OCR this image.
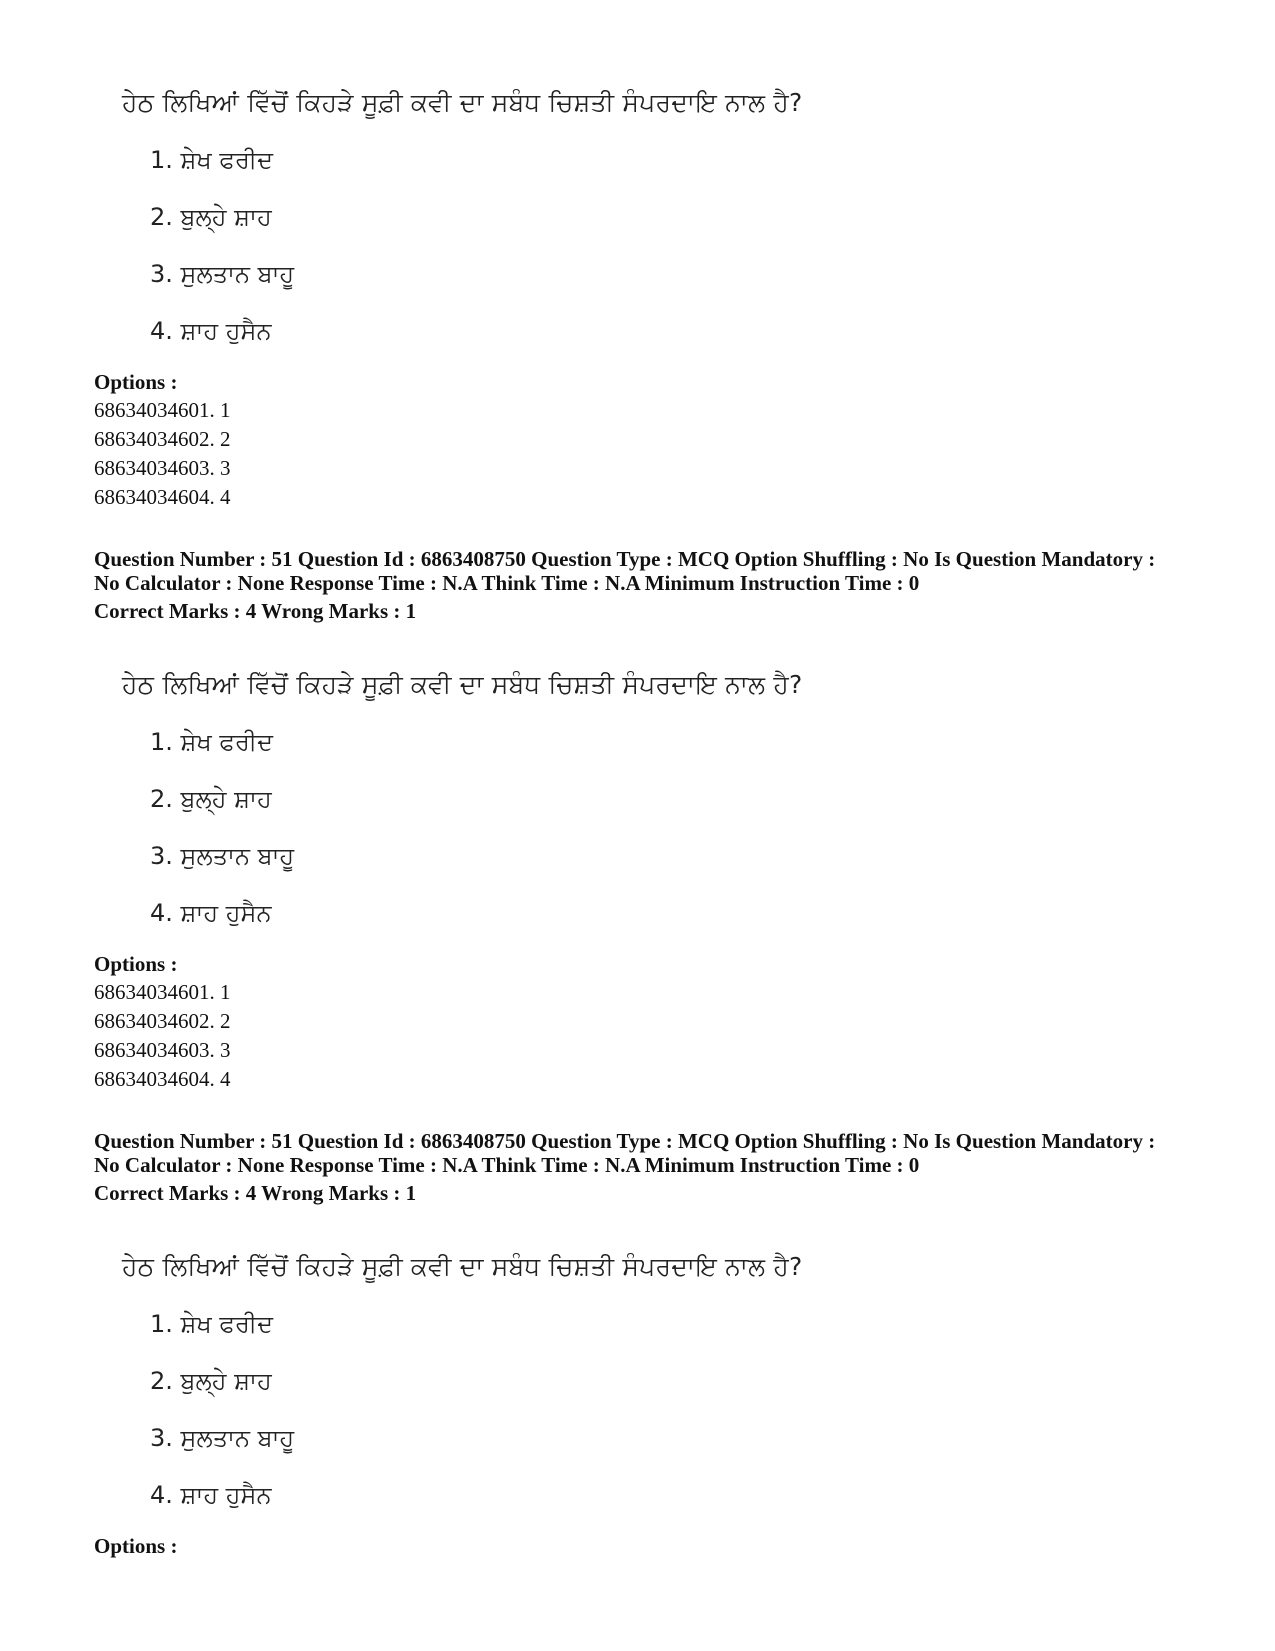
ਹੇਠ ਲਿਖਿਆਂ ਵਿੱਚੋਂ ਕਿਹੜੇ ਸੂਫ਼ੀ ਕਵੀ ਦਾ ਸਬੰਧ ਚਿਸ਼ਤੀ ਸੰਪਰਦਾਇ ਨਾਲ ਹੈ?
1. ਸ਼ੇਖ ਫਰੀਦ
2. ਬੁਲ੍ਹੇ ਸ਼ਾਹ
3. ਸੁਲਤਾਨ ਬਾਹੂ
4. ਸ਼ਾਹ ਹੁਸੈਨ
Options :
68634034601. 1
68634034602. 2
68634034603. 3
68634034604. 4
Question Number : 51 Question Id : 6863408750 Question Type : MCQ Option Shuffling : No Is Question Mandatory :
No Calculator : None Response Time : N.A Think Time : N.A Minimum Instruction Time : 0
Correct Marks : 4 Wrong Marks : 1
ਹੇਠ ਲਿਖਿਆਂ ਵਿੱਚੋਂ ਕਿਹੜੇ ਸੂਫ਼ੀ ਕਵੀ ਦਾ ਸਬੰਧ ਚਿਸ਼ਤੀ ਸੰਪਰਦਾਇ ਨਾਲ ਹੈ?
1. ਸ਼ੇਖ ਫਰੀਦ
2. ਬੁਲ੍ਹੇ ਸ਼ਾਹ
3. ਸੁਲਤਾਨ ਬਾਹੂ
4. ਸ਼ਾਹ ਹੁਸੈਨ
Options :
68634034601. 1
68634034602. 2
68634034603. 3
68634034604. 4
Question Number : 51 Question Id : 6863408750 Question Type : MCQ Option Shuffling : No Is Question Mandatory :
No Calculator : None Response Time : N.A Think Time : N.A Minimum Instruction Time : 0
Correct Marks : 4 Wrong Marks : 1
ਹੇਠ ਲਿਖਿਆਂ ਵਿੱਚੋਂ ਕਿਹੜੇ ਸੂਫ਼ੀ ਕਵੀ ਦਾ ਸਬੰਧ ਚਿਸ਼ਤੀ ਸੰਪਰਦਾਇ ਨਾਲ ਹੈ?
1. ਸ਼ੇਖ ਫਰੀਦ
2. ਬੁਲ੍ਹੇ ਸ਼ਾਹ
3. ਸੁਲਤਾਨ ਬਾਹੂ
4. ਸ਼ਾਹ ਹੁਸੈਨ
Options :
